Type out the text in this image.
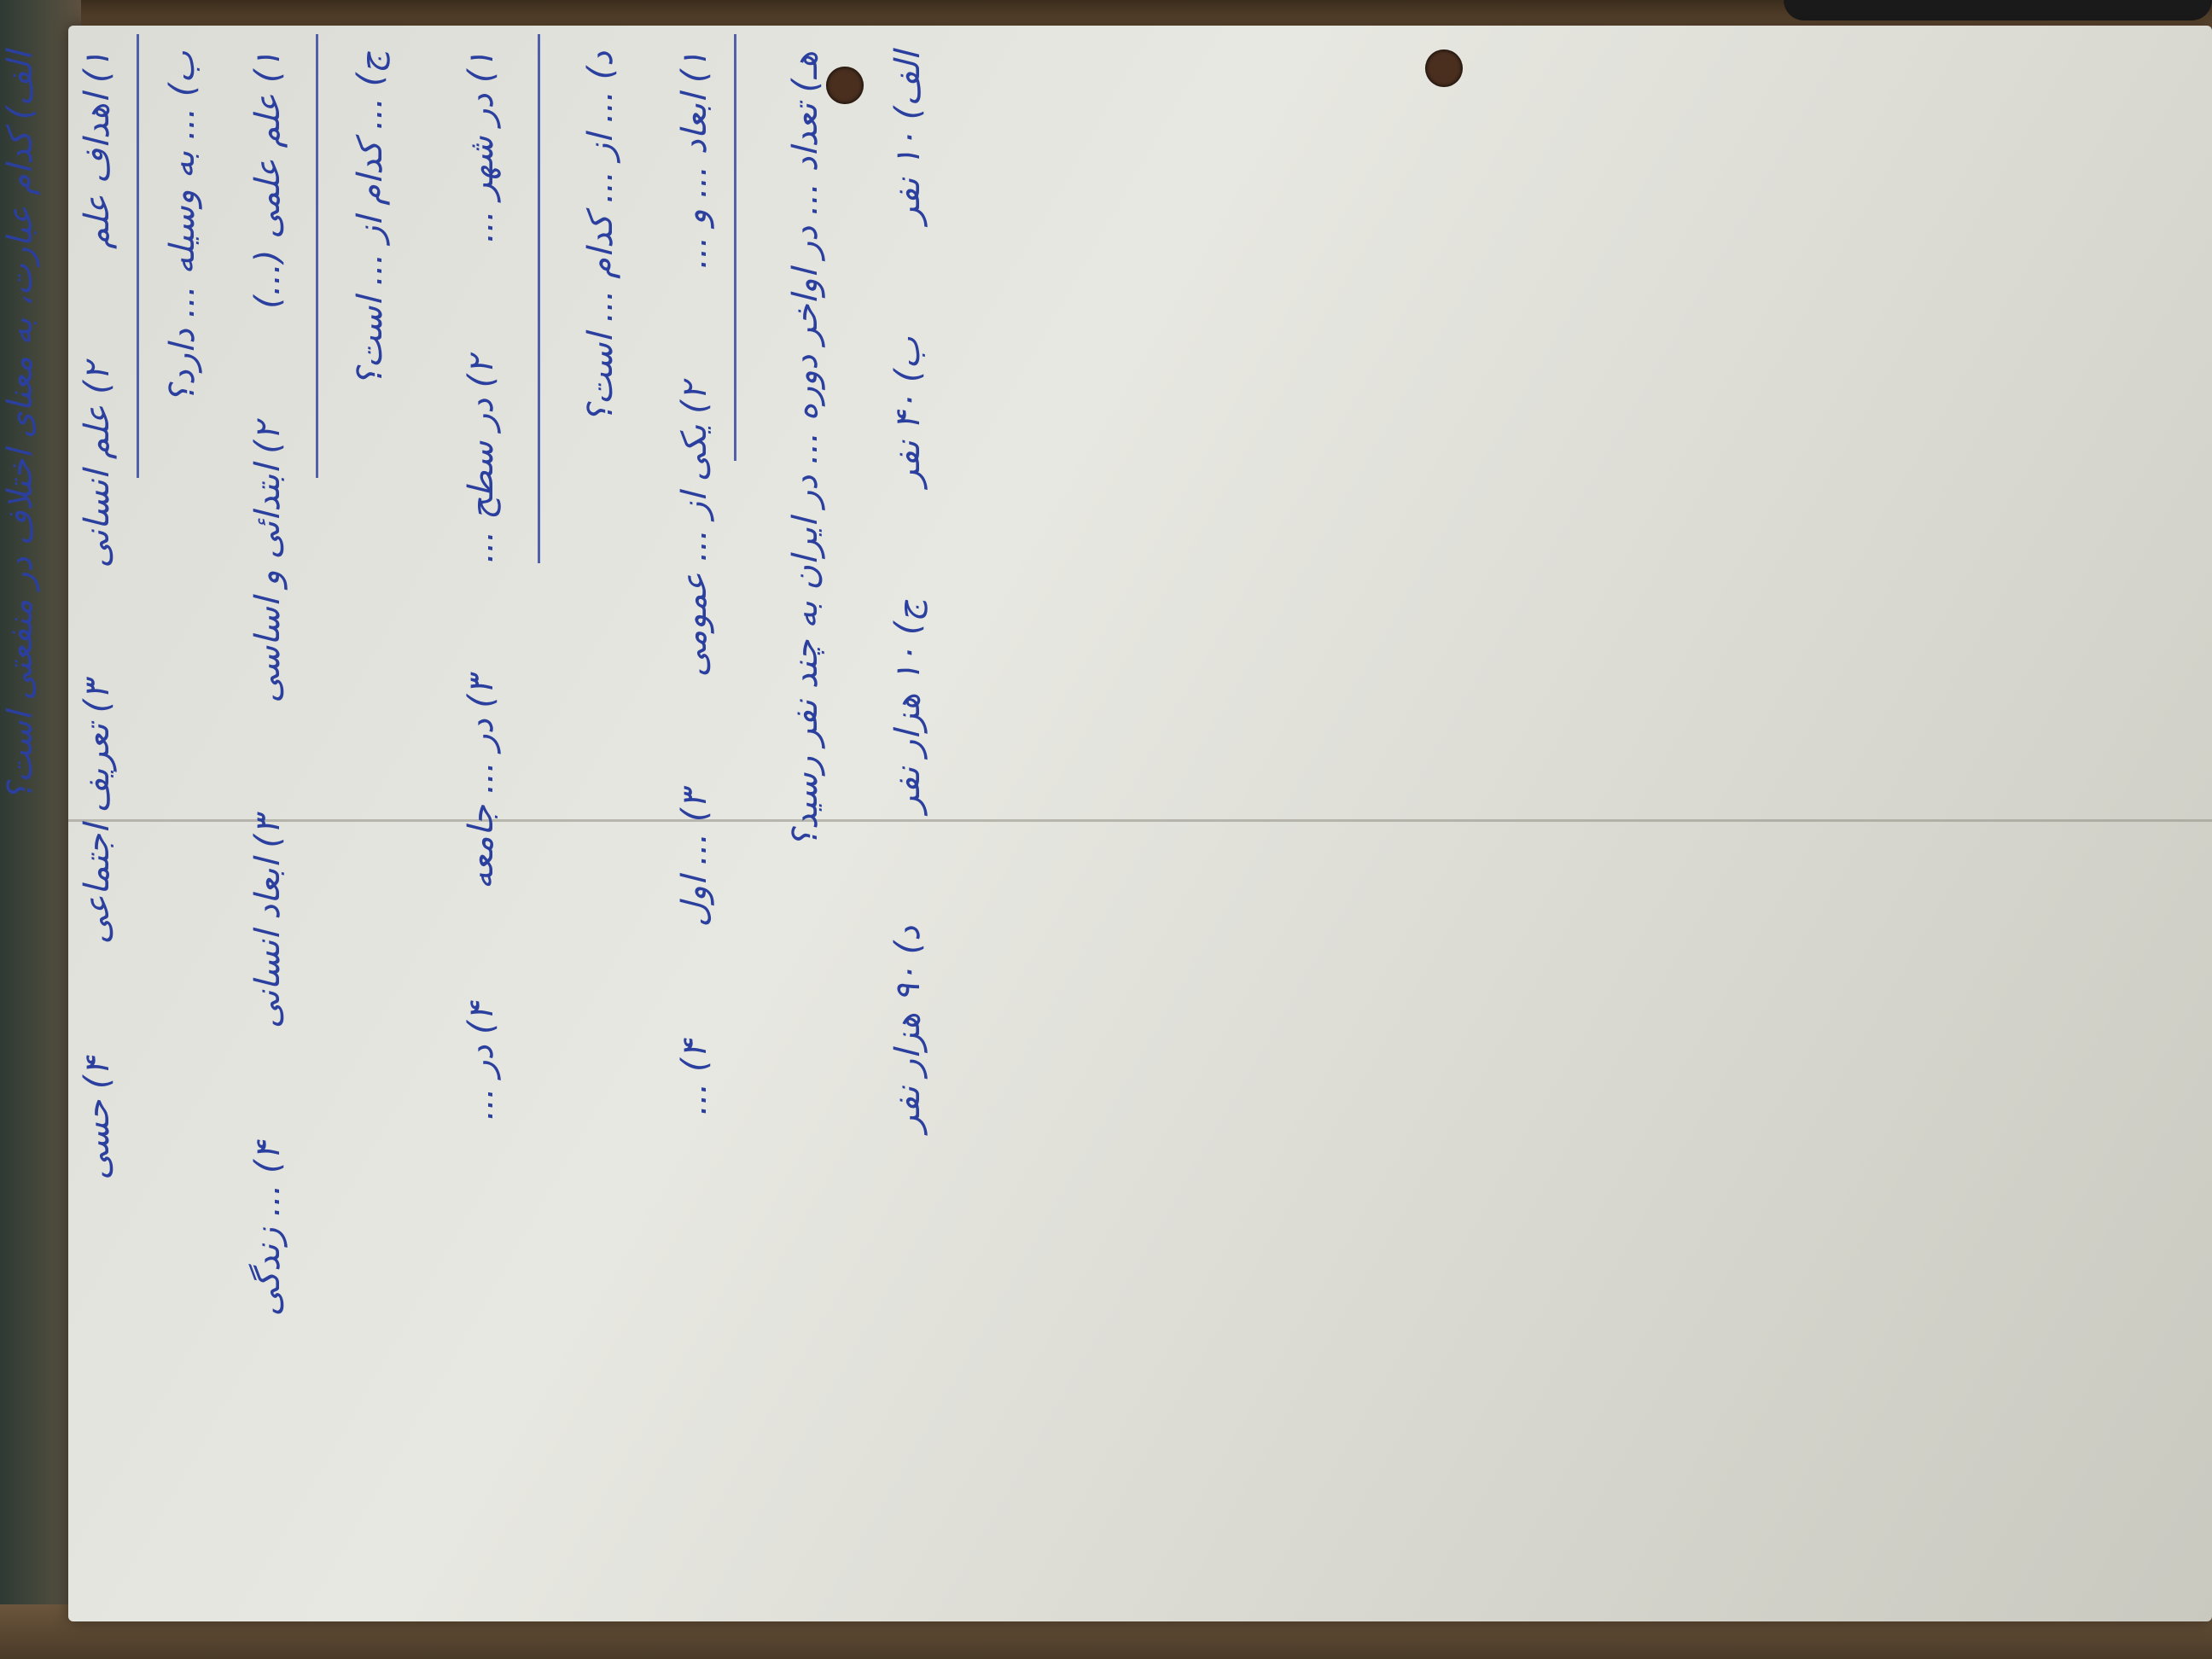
الف) کدام عبارت، به معنای اختلاف در منفعتی است؟ ۱) اهداف علم ۲) علم انسانی ۳) تعریف اجتماعی ۴) حسی
ب) ... به وسیله ... دارد؟ ۱) علم علمی (...) ۲) ابتدائی و اساسی ۳) ابعاد انسانی ۴) ... زندگی
ج) ... کدام از ... است؟ ۱) در شهر ... ۲) در سطح ... ۳) در ... جامعه ۴) در ...
د) ... از ... کدام ... است؟ ۱) ابعاد ... و ... ۲) یکی از ... عمومی ۳) ... اول ۴) ...
هـ) تعداد ... در اواخر دوره ... در ایران به چند نفر رسید؟ الف) ۱۰ نفر ب) ۴۰ نفر ج) ۱۰ هزار نفر د) ۹۰ هزار نفر
